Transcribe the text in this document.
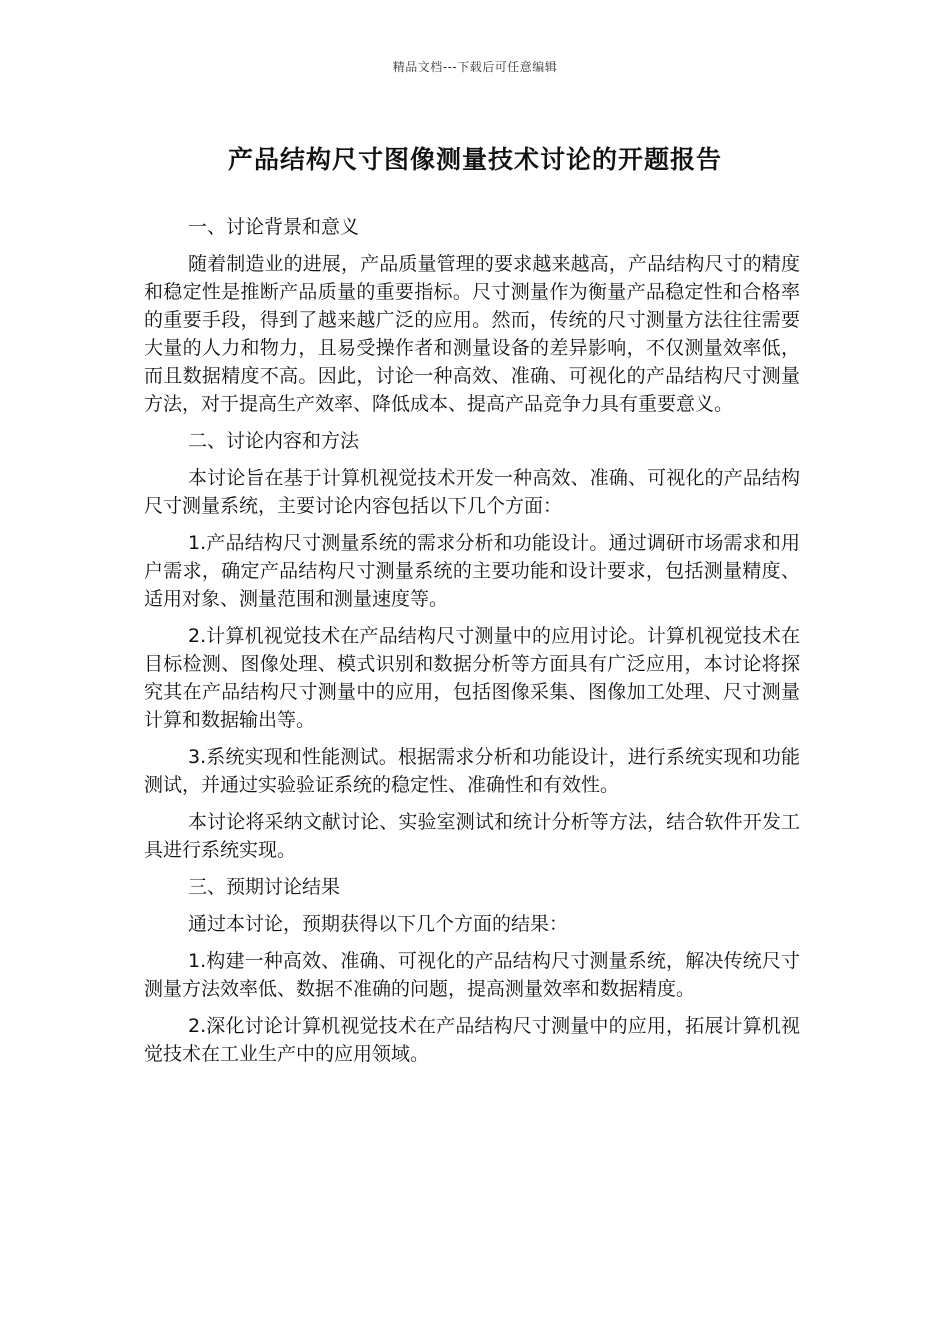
精品文档---下载后可任意编辑
产品结构尺寸图像测量技术讨论的开题报告

一、讨论背景和意义

随着制造业的进展，产品质量管理的要求越来越高，产品结构尺寸的精度和稳定性是推断产品质量的重要指标。尺寸测量作为衡量产品稳定性和合格率的重要手段，得到了越来越广泛的应用。然而，传统的尺寸测量方法往往需要大量的人力和物力，且易受操作者和测量设备的差异影响，不仅测量效率低，而且数据精度不高。因此，讨论一种高效、准确、可视化的产品结构尺寸测量方法，对于提高生产效率、降低成本、提高产品竞争力具有重要意义。

二、讨论内容和方法

本讨论旨在基于计算机视觉技术开发一种高效、准确、可视化的产品结构尺寸测量系统，主要讨论内容包括以下几个方面：

1.产品结构尺寸测量系统的需求分析和功能设计。通过调研市场需求和用户需求，确定产品结构尺寸测量系统的主要功能和设计要求，包括测量精度、适用对象、测量范围和测量速度等。

2.计算机视觉技术在产品结构尺寸测量中的应用讨论。计算机视觉技术在目标检测、图像处理、模式识别和数据分析等方面具有广泛应用，本讨论将探究其在产品结构尺寸测量中的应用，包括图像采集、图像加工处理、尺寸测量计算和数据输出等。

3.系统实现和性能测试。根据需求分析和功能设计，进行系统实现和功能测试，并通过实验验证系统的稳定性、准确性和有效性。

本讨论将采纳文献讨论、实验室测试和统计分析等方法，结合软件开发工具进行系统实现。

三、预期讨论结果

通过本讨论，预期获得以下几个方面的结果：

1.构建一种高效、准确、可视化的产品结构尺寸测量系统，解决传统尺寸测量方法效率低、数据不准确的问题，提高测量效率和数据精度。

2.深化讨论计算机视觉技术在产品结构尺寸测量中的应用，拓展计算机视觉技术在工业生产中的应用领域。
